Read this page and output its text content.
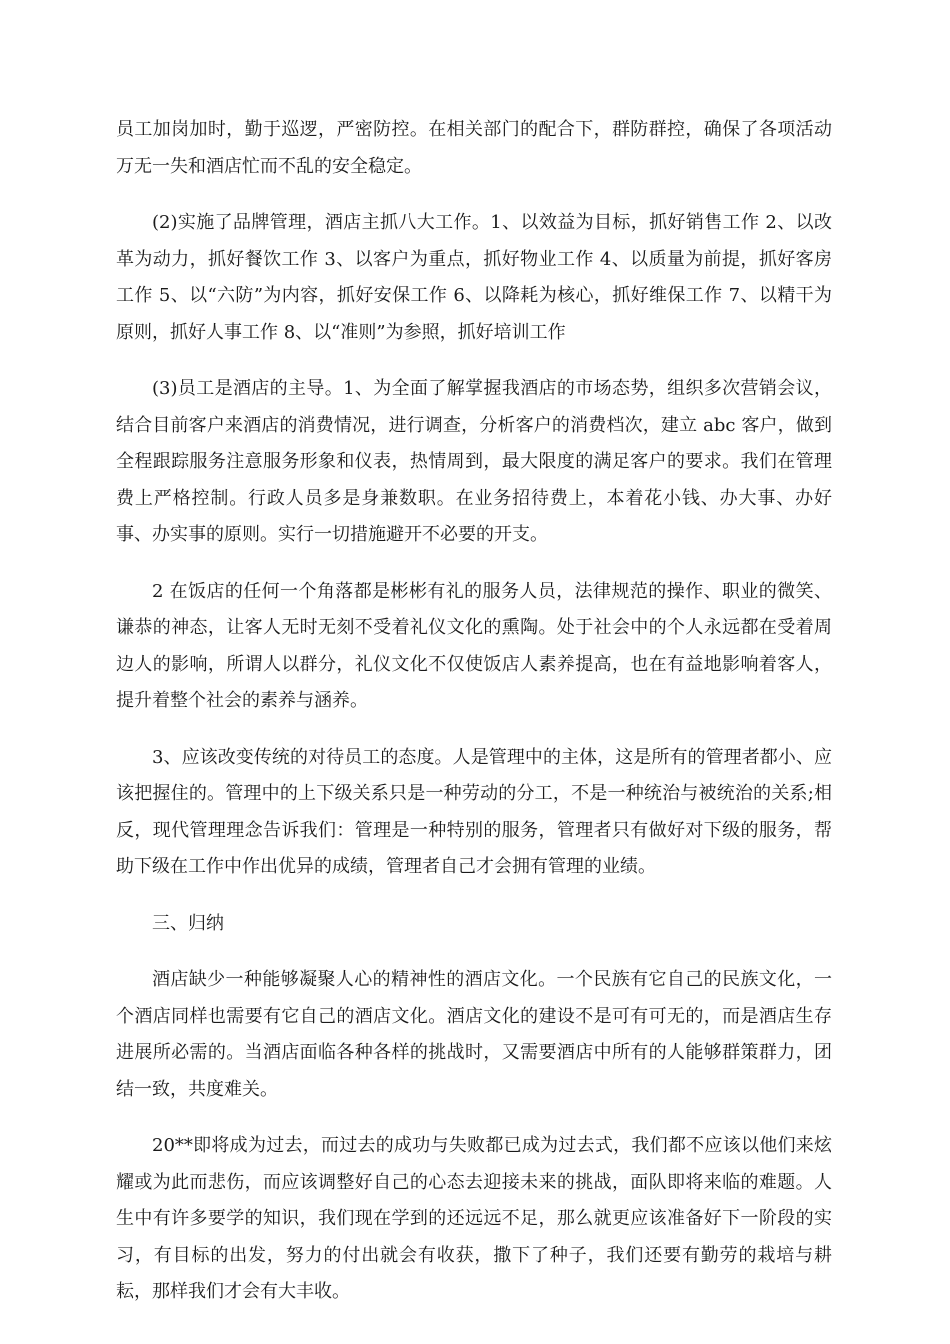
员工加岗加时，勤于巡逻，严密防控。在相关部门的配合下，群防群控，确保了各项活动万无一失和酒店忙而不乱的安全稳定。

(2)实施了品牌管理，酒店主抓八大工作。1、以效益为目标，抓好销售工作 2、以改革为动力，抓好餐饮工作 3、以客户为重点，抓好物业工作 4、以质量为前提，抓好客房工作 5、以“六防”为内容，抓好安保工作 6、以降耗为核心，抓好维保工作 7、以精干为原则，抓好人事工作 8、以“准则”为参照，抓好培训工作

(3)员工是酒店的主导。1、为全面了解掌握我酒店的市场态势，组织多次营销会议，结合目前客户来酒店的消费情况，进行调查，分析客户的消费档次，建立 abc 客户，做到全程跟踪服务注意服务形象和仪表，热情周到，最大限度的满足客户的要求。我们在管理费上严格控制。行政人员多是身兼数职。在业务招待费上，本着花小钱、办大事、办好事、办实事的原则。实行一切措施避开不必要的开支。

2 在饭店的任何一个角落都是彬彬有礼的服务人员，法律规范的操作、职业的微笑、谦恭的神态，让客人无时无刻不受着礼仪文化的熏陶。处于社会中的个人永远都在受着周边人的影响，所谓人以群分，礼仪文化不仅使饭店人素养提高，也在有益地影响着客人，提升着整个社会的素养与涵养。

3、应该改变传统的对待员工的态度。人是管理中的主体，这是所有的管理者都小、应该把握住的。管理中的上下级关系只是一种劳动的分工，不是一种统治与被统治的关系;相反，现代管理理念告诉我们：管理是一种特别的服务，管理者只有做好对下级的服务，帮助下级在工作中作出优异的成绩，管理者自己才会拥有管理的业绩。

三、归纳

酒店缺少一种能够凝聚人心的精神性的酒店文化。一个民族有它自己的民族文化，一个酒店同样也需要有它自己的酒店文化。酒店文化的建设不是可有可无的，而是酒店生存进展所必需的。当酒店面临各种各样的挑战时，又需要酒店中所有的人能够群策群力，团结一致，共度难关。

20**即将成为过去，而过去的成功与失败都已成为过去式，我们都不应该以他们来炫耀或为此而悲伤，而应该调整好自己的心态去迎接未来的挑战，面队即将来临的难题。人生中有许多要学的知识，我们现在学到的还远远不足，那么就更应该准备好下一阶段的实习，有目标的出发，努力的付出就会有收获，撒下了种子，我们还要有勤劳的栽培与耕耘，那样我们才会有大丰收。
